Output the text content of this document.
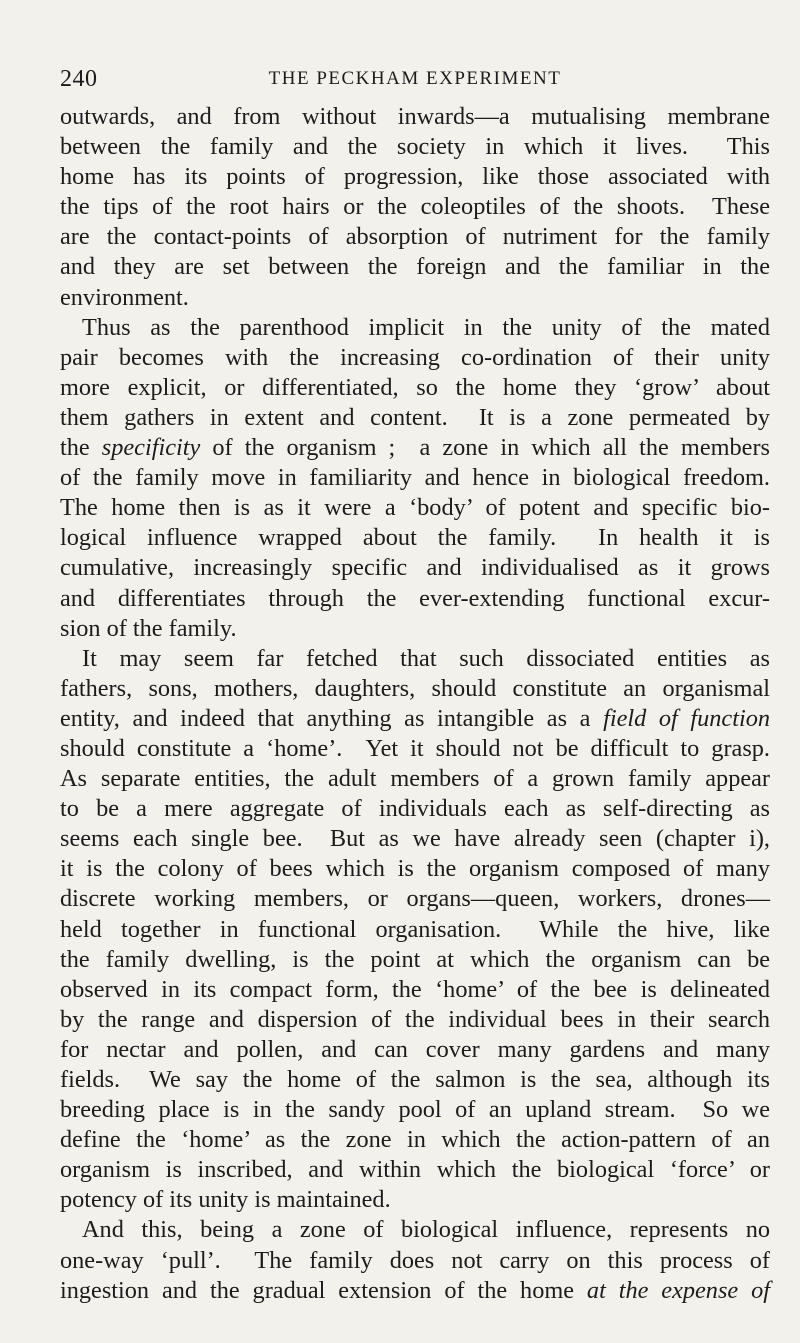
240	THE PECKHAM EXPERIMENT
outwards, and from without inwards—a mutualising membrane
between the family and the society in which it lives.  This
home has its points of progression, like those associated with
the tips of the root hairs or the coleoptiles of the shoots.  These
are the contact-points of absorption of nutriment for the family
and they are set between the foreign and the familiar in the
environment.
Thus as the parenthood implicit in the unity of the mated
pair becomes with the increasing co-ordination of their unity
more explicit, or differentiated, so the home they ‘grow’ about
them gathers in extent and content.  It is a zone permeated by
the specificity of the organism ;  a zone in which all the members
of the family move in familiarity and hence in biological freedom.
The home then is as it were a ‘body’ of potent and specific bio-
logical influence wrapped about the family.  In health it is
cumulative, increasingly specific and individualised as it grows
and differentiates through the ever-extending functional excur-
sion of the family.
It may seem far fetched that such dissociated entities as
fathers, sons, mothers, daughters, should constitute an organismal
entity, and indeed that anything as intangible as a field of function
should constitute a ‘home’.  Yet it should not be difficult to grasp.
As separate entities, the adult members of a grown family appear
to be a mere aggregate of individuals each as self-directing as
seems each single bee.  But as we have already seen (chapter i),
it is the colony of bees which is the organism composed of many
discrete working members, or organs—queen, workers, drones—
held together in functional organisation.  While the hive, like
the family dwelling, is the point at which the organism can be
observed in its compact form, the ‘home’ of the bee is delineated
by the range and dispersion of the individual bees in their search
for nectar and pollen, and can cover many gardens and many
fields.  We say the home of the salmon is the sea, although its
breeding place is in the sandy pool of an upland stream.  So we
define the ‘home’ as the zone in which the action-pattern of an
organism is inscribed, and within which the biological ‘force’ or
potency of its unity is maintained.
And this, being a zone of biological influence, represents no
one-way ‘pull’.  The family does not carry on this process of
ingestion and the gradual extension of the home at the expense of
